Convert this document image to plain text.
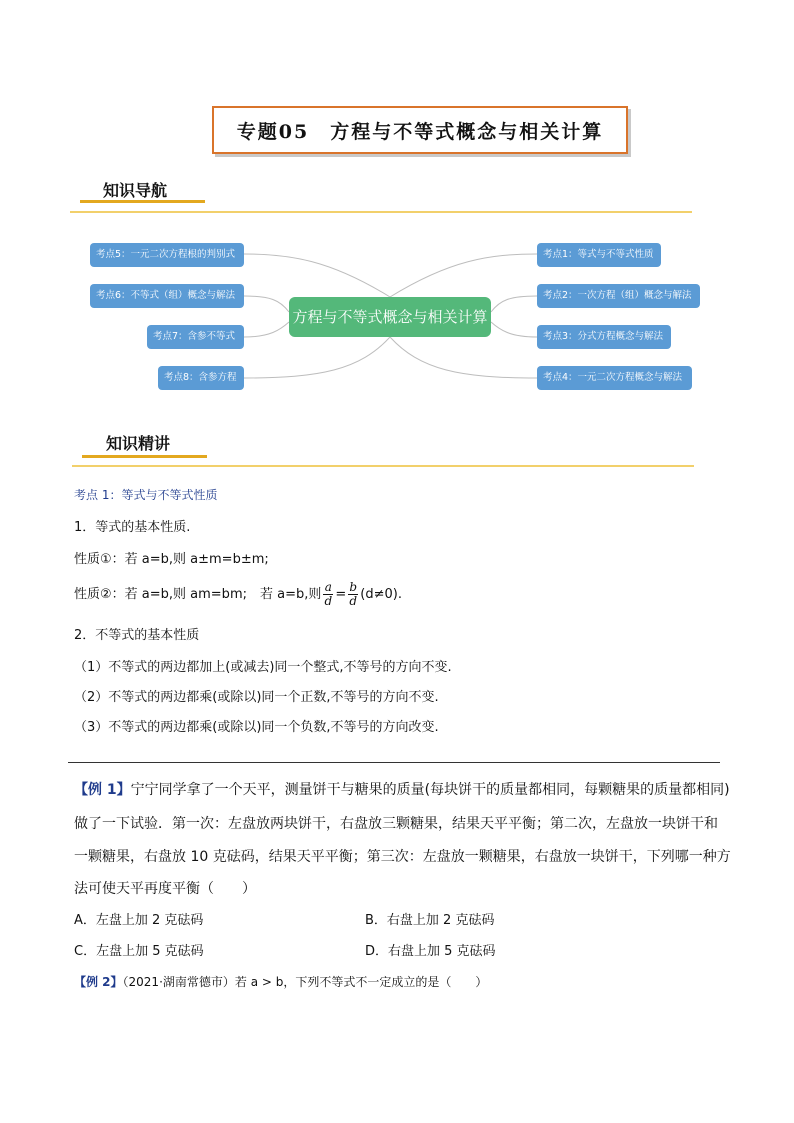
专题05　方程与不等式概念与相关计算
知识导航
方程与不等式概念与相关计算
考点5：一元二次方程根的判别式
考点6：不等式（组）概念与解法
考点7：含参不等式
考点8：含参方程
考点1：等式与不等式性质
考点2：一次方程（组）概念与解法
考点3：分式方程概念与解法
考点4：一元二次方程概念与解法
知识精讲
考点 1：等式与不等式性质
1．等式的基本性质.
性质①：若 a=b,则 a±m=b±m;
性质②：若 a=b,则 am=bm;　若 a=b,则 $\frac{a}{d} = \frac{b}{d} (d\ne 0)$.
2．不等式的基本性质
（1）不等式的两边都加上(或减去)同一个整式,不等号的方向不变.
（2）不等式的两边都乘(或除以)同一个正数,不等号的方向不变.
（3）不等式的两边都乘(或除以)同一个负数,不等号的方向改变.
【例 1】宁宁同学拿了一个天平，测量饼干与糖果的质量(每块饼干的质量都相同，每颗糖果的质量都相同)
做了一下试验．第一次：左盘放两块饼干，右盘放三颗糖果，结果天平平衡；第二次，左盘放一块饼干和
一颗糖果，右盘放 10 克砝码，结果天平平衡；第三次：左盘放一颗糖果，右盘放一块饼干，下列哪一种方
法可使天平再度平衡（　　）
A．左盘上加 2 克砝码	B．右盘上加 2 克砝码
C．左盘上加 5 克砝码	D．右盘上加 5 克砝码
【例 2】（2021·湖南常德市）若 a > b，下列不等式不一定成立的是（　　）
